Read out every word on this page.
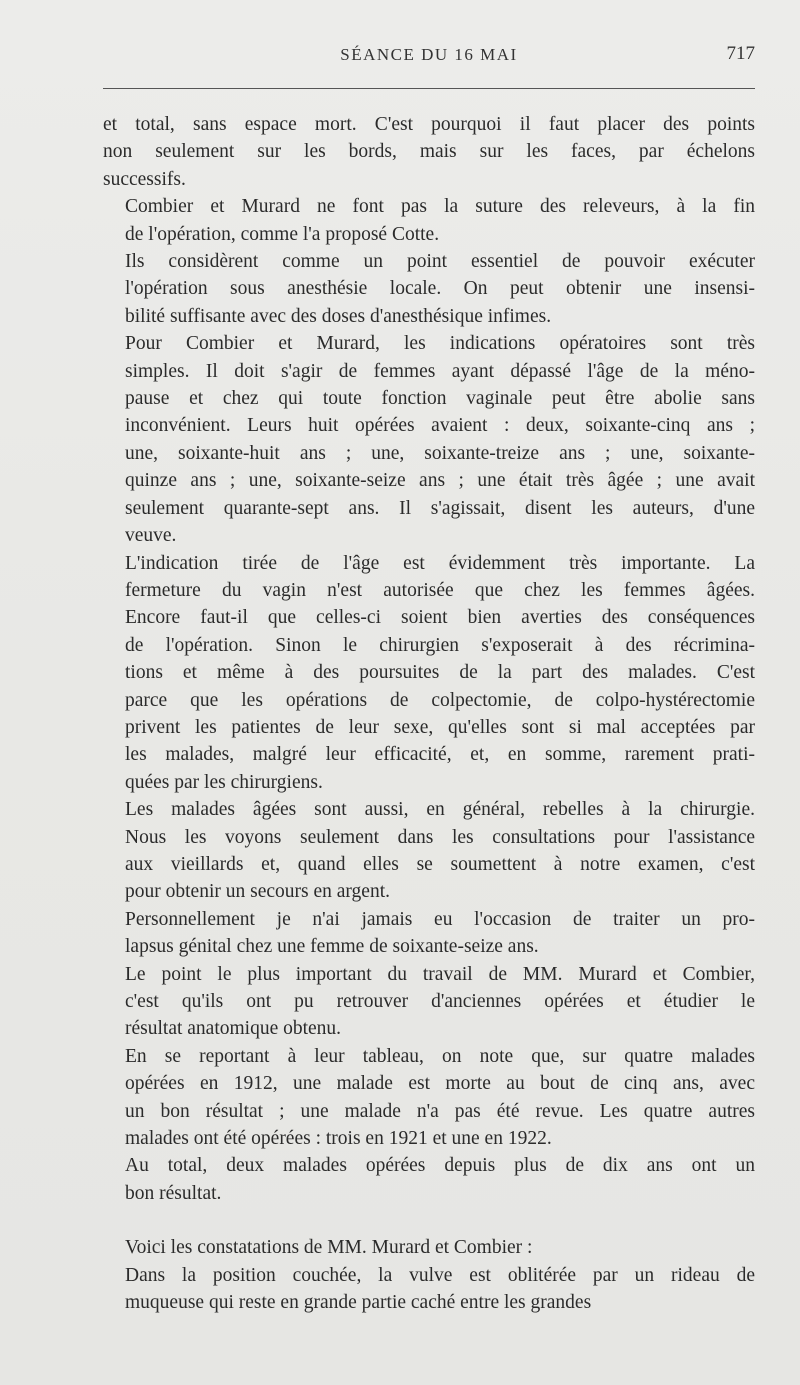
SÉANCE DU 16 MAI	717

et total, sans espace mort. C'est pourquoi il faut placer des points
non seulement sur les bords, mais sur les faces, par échelons
successifs.

Combier et Murard ne font pas la suture des releveurs, à la fin
de l'opération, comme l'a proposé Cotte.

Ils considèrent comme un point essentiel de pouvoir exécuter
l'opération sous anesthésie locale. On peut obtenir une insensi-
bilité suffisante avec des doses d'anesthésique infimes.

Pour Combier et Murard, les indications opératoires sont très
simples. Il doit s'agir de femmes ayant dépassé l'âge de la méno-
pause et chez qui toute fonction vaginale peut être abolie sans
inconvénient. Leurs huit opérées avaient : deux, soixante-cinq ans ;
une, soixante-huit ans ; une, soixante-treize ans ; une, soixante-
quinze ans ; une, soixante-seize ans ; une était très âgée ; une avait
seulement quarante-sept ans. Il s'agissait, disent les auteurs, d'une
veuve.

L'indication tirée de l'âge est évidemment très importante. La
fermeture du vagin n'est autorisée que chez les femmes âgées.
Encore faut-il que celles-ci soient bien averties des conséquences
de l'opération. Sinon le chirurgien s'exposerait à des récrimina-
tions et même à des poursuites de la part des malades. C'est
parce que les opérations de colpectomie, de colpo-hystérectomie
privent les patientes de leur sexe, qu'elles sont si mal acceptées par
les malades, malgré leur efficacité, et, en somme, rarement prati-
quées par les chirurgiens.

Les malades âgées sont aussi, en général, rebelles à la chirurgie.
Nous les voyons seulement dans les consultations pour l'assistance
aux vieillards et, quand elles se soumettent à notre examen, c'est
pour obtenir un secours en argent.

Personnellement je n'ai jamais eu l'occasion de traiter un pro-
lapsus génital chez une femme de soixante-seize ans.

Le point le plus important du travail de MM. Murard et Combier,
c'est qu'ils ont pu retrouver d'anciennes opérées et étudier le
résultat anatomique obtenu.

En se reportant à leur tableau, on note que, sur quatre malades
opérées en 1912, une malade est morte au bout de cinq ans, avec
un bon résultat ; une malade n'a pas été revue. Les quatre autres
malades ont été opérées : trois en 1921 et une en 1922.

Au total, deux malades opérées depuis plus de dix ans ont un
bon résultat.

Voici les constatations de MM. Murard et Combier :

Dans la position couchée, la vulve est oblitérée par un rideau de
muqueuse qui reste en grande partie caché entre les grandes
